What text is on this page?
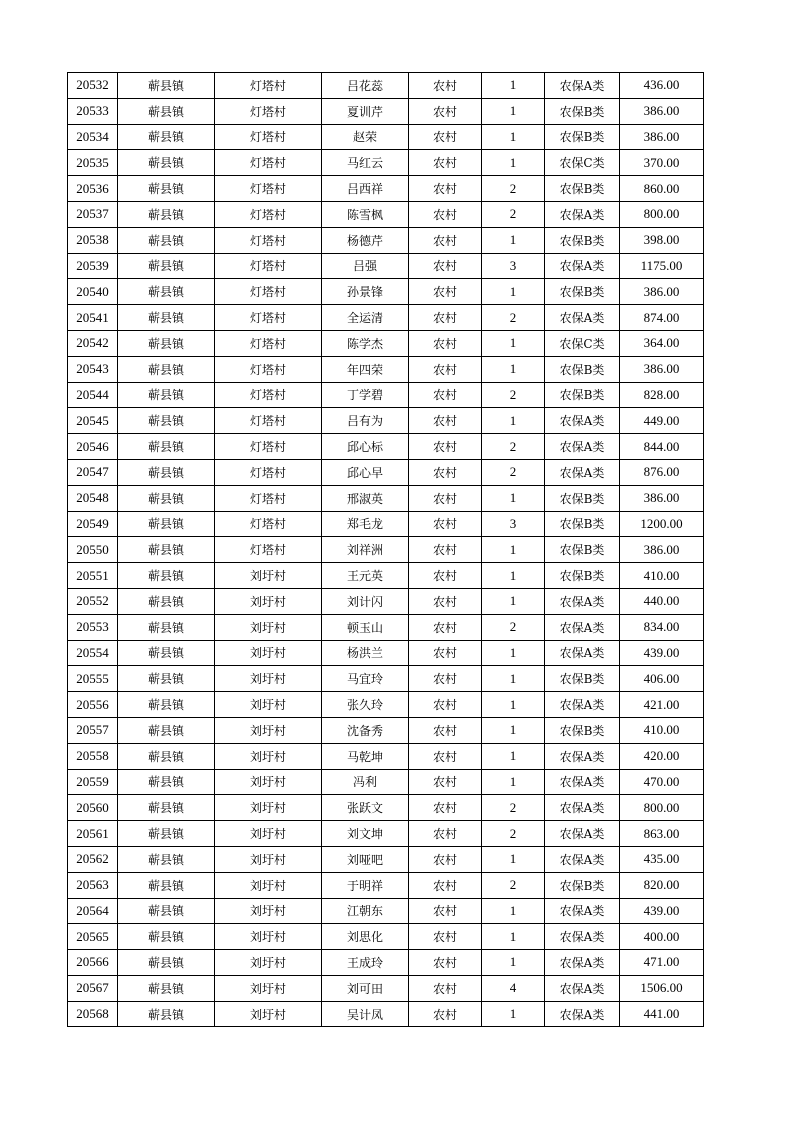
20532	蕲县镇	灯塔村	吕花蕊	农村	1	农保A类	436.00
20533	蕲县镇	灯塔村	夏训芹	农村	1	农保B类	386.00
20534	蕲县镇	灯塔村	赵荣	农村	1	农保B类	386.00
20535	蕲县镇	灯塔村	马红云	农村	1	农保C类	370.00
20536	蕲县镇	灯塔村	吕西祥	农村	2	农保B类	860.00
20537	蕲县镇	灯塔村	陈雪枫	农村	2	农保A类	800.00
20538	蕲县镇	灯塔村	杨德芹	农村	1	农保B类	398.00
20539	蕲县镇	灯塔村	吕强	农村	3	农保A类	1175.00
20540	蕲县镇	灯塔村	孙景锋	农村	1	农保B类	386.00
20541	蕲县镇	灯塔村	全运清	农村	2	农保A类	874.00
20542	蕲县镇	灯塔村	陈学杰	农村	1	农保C类	364.00
20543	蕲县镇	灯塔村	年四荣	农村	1	农保B类	386.00
20544	蕲县镇	灯塔村	丁学碧	农村	2	农保B类	828.00
20545	蕲县镇	灯塔村	吕有为	农村	1	农保A类	449.00
20546	蕲县镇	灯塔村	邱心标	农村	2	农保A类	844.00
20547	蕲县镇	灯塔村	邱心早	农村	2	农保A类	876.00
20548	蕲县镇	灯塔村	邢淑英	农村	1	农保B类	386.00
20549	蕲县镇	灯塔村	郑毛龙	农村	3	农保B类	1200.00
20550	蕲县镇	灯塔村	刘祥洲	农村	1	农保B类	386.00
20551	蕲县镇	刘圩村	王元英	农村	1	农保B类	410.00
20552	蕲县镇	刘圩村	刘计闪	农村	1	农保A类	440.00
20553	蕲县镇	刘圩村	顿玉山	农村	2	农保A类	834.00
20554	蕲县镇	刘圩村	杨洪兰	农村	1	农保A类	439.00
20555	蕲县镇	刘圩村	马宜玲	农村	1	农保B类	406.00
20556	蕲县镇	刘圩村	张久玲	农村	1	农保A类	421.00
20557	蕲县镇	刘圩村	沈备秀	农村	1	农保B类	410.00
20558	蕲县镇	刘圩村	马乾坤	农村	1	农保A类	420.00
20559	蕲县镇	刘圩村	冯利	农村	1	农保A类	470.00
20560	蕲县镇	刘圩村	张跃文	农村	2	农保A类	800.00
20561	蕲县镇	刘圩村	刘文坤	农村	2	农保A类	863.00
20562	蕲县镇	刘圩村	刘哑吧	农村	1	农保A类	435.00
20563	蕲县镇	刘圩村	于明祥	农村	2	农保B类	820.00
20564	蕲县镇	刘圩村	江朝东	农村	1	农保A类	439.00
20565	蕲县镇	刘圩村	刘思化	农村	1	农保A类	400.00
20566	蕲县镇	刘圩村	王成玲	农村	1	农保A类	471.00
20567	蕲县镇	刘圩村	刘可田	农村	4	农保A类	1506.00
20568	蕲县镇	刘圩村	吴计凤	农村	1	农保A类	441.00
